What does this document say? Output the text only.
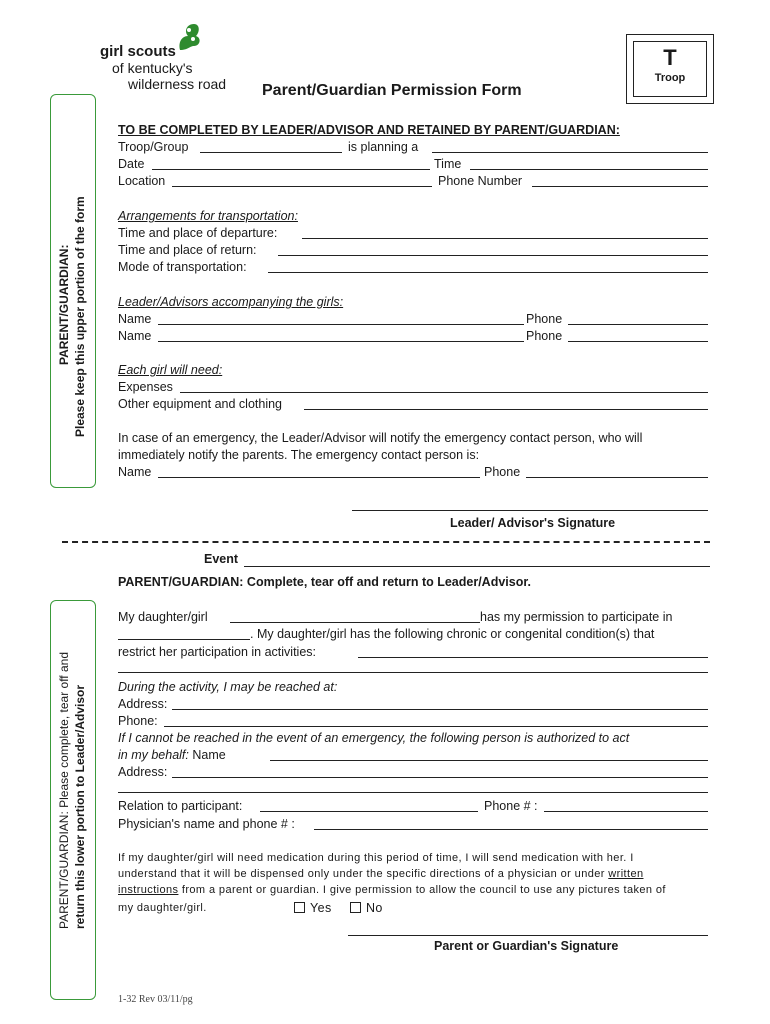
girl scouts
of kentucky's
wilderness road Parent/Guardian Permission Form
T
Troop
PARENT/GUARDIAN: Please keep this upper portion of the form
TO BE COMPLETED BY LEADER/ADVISOR AND RETAINED BY PARENT/GUARDIAN:
Troop/Group	is planning a
Date	Time
Location	Phone Number
Arrangements for transportation:
Time and place of departure:
Time and place of return:
Mode of transportation:
Leader/Advisors accompanying the girls:
Name	Phone
Name	Phone
Each girl will need:
Expenses
Other equipment and clothing
In case of an emergency, the Leader/Advisor will notify the emergency contact person, who will
immediately notify the parents. The emergency contact person is:
Name	Phone
Leader/ Advisor's Signature
Event
PARENT/GUARDIAN: Complete, tear off and return to Leader/Advisor.
PARENT/GUARDIAN: Please complete, tear off and return this lower portion to Leader/Advisor
My daughter/girl	has my permission to participate in
. My daughter/girl has the following chronic or congenital condition(s) that
restrict her participation in activities:
During the activity, I may be reached at:
Address:
Phone:
If I cannot be reached in the event of an emergency, the following person is authorized to act
in my behalf: Name
Address:
Relation to participant:	Phone # :
Physician's name and phone # :
If my daughter/girl will need medication during this period of time, I will send medication with her. I
understand that it will be dispensed only under the specific directions of a physician or under written
instructions from a parent or guardian. I give permission to allow the council to use any pictures taken of
my daughter/girl.	Yes	No
Parent or Guardian's Signature
1-32 Rev 03/11/pg
